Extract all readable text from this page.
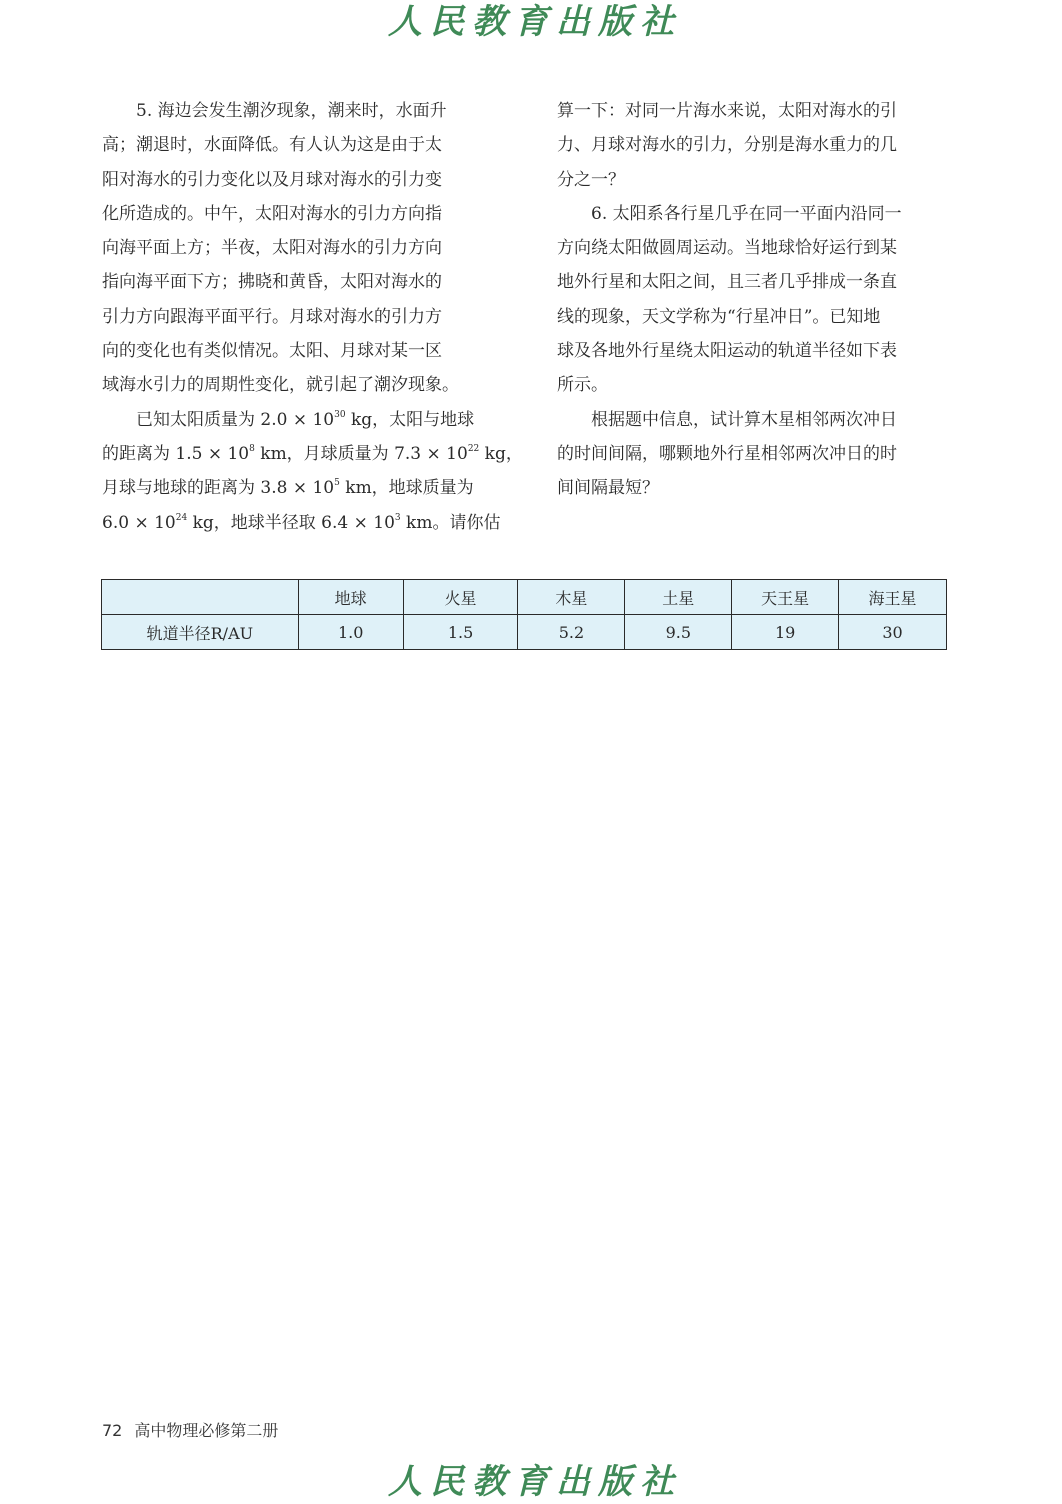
人民教育出版社
5. 海边会发生潮汐现象，潮来时，水面升
高；潮退时，水面降低。有人认为这是由于太
阳对海水的引力变化以及月球对海水的引力变
化所造成的。中午，太阳对海水的引力方向指
向海平面上方；半夜，太阳对海水的引力方向
指向海平面下方；拂晓和黄昏，太阳对海水的
引力方向跟海平面平行。月球对海水的引力方
向的变化也有类似情况。太阳、月球对某一区
域海水引力的周期性变化，就引起了潮汐现象。
已知太阳质量为 $2.0 \times 10^{30}$ kg，太阳与地球
的距离为 $1.5 \times 10^8$ km，月球质量为 $7.3 \times 10^{22}$ kg，
月球与地球的距离为 $3.8 \times 10^5$ km，地球质量为
$6.0 \times 10^{24}$ kg，地球半径取 $6.4 \times 10^3$ km。请你估
算一下：对同一片海水来说，太阳对海水的引
力、月球对海水的引力，分别是海水重力的几
分之一？
6. 太阳系各行星几乎在同一平面内沿同一
方向绕太阳做圆周运动。当地球恰好运行到某
地外行星和太阳之间，且三者几乎排成一条直
线的现象，天文学称为“行星冲日”。已知地
球及各地外行星绕太阳运动的轨道半径如下表
所示。
根据题中信息，试计算木星相邻两次冲日
的时间间隔，哪颗地外行星相邻两次冲日的时
间间隔最短？
	地球	火星	木星	土星	天王星	海王星
轨道半径R/AU	1.0	1.5	5.2	9.5	19	30
72 高中物理必修第二册
人民教育出版社
